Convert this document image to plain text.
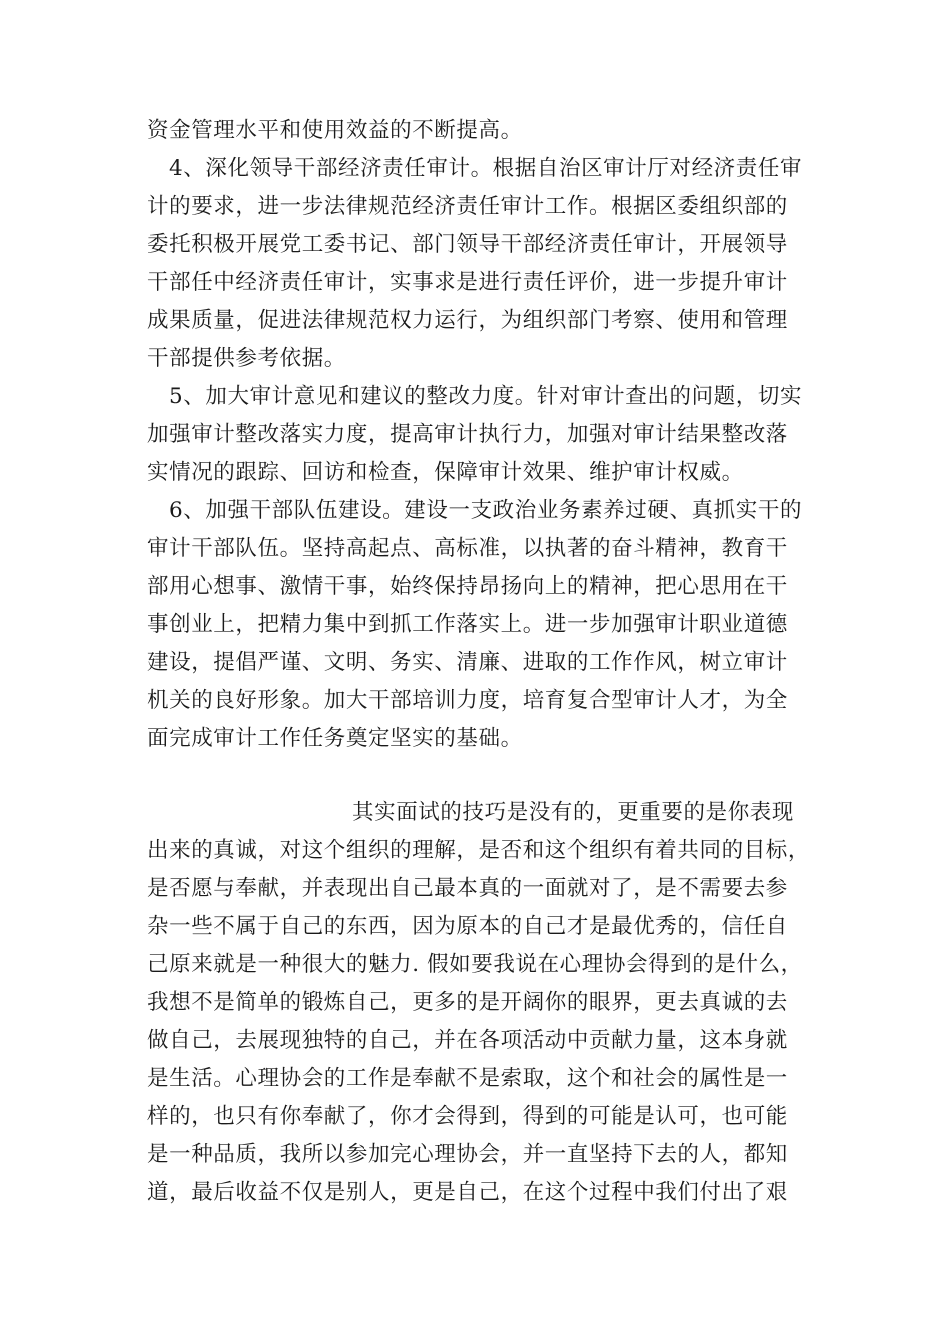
资金管理水平和使用效益的不断提高。
4、深化领导干部经济责任审计。根据自治区审计厅对经济责任审
计的要求，进一步法律规范经济责任审计工作。根据区委组织部的
委托积极开展党工委书记、部门领导干部经济责任审计，开展领导
干部任中经济责任审计，实事求是进行责任评价，进一步提升审计
成果质量，促进法律规范权力运行，为组织部门考察、使用和管理
干部提供参考依据。
5、加大审计意见和建议的整改力度。针对审计查出的问题，切实
加强审计整改落实力度，提高审计执行力，加强对审计结果整改落
实情况的跟踪、回访和检查，保障审计效果、维护审计权威。
6、加强干部队伍建设。建设一支政治业务素养过硬、真抓实干的
审计干部队伍。坚持高起点、高标准，以执著的奋斗精神，教育干
部用心想事、激情干事，始终保持昂扬向上的精神，把心思用在干
事创业上，把精力集中到抓工作落实上。进一步加强审计职业道德
建设，提倡严谨、文明、务实、清廉、进取的工作作风，树立审计
机关的良好形象。加大干部培训力度，培育复合型审计人才，为全
面完成审计工作任务奠定坚实的基础。
其实面试的技巧是没有的，更重要的是你表现
出来的真诚，对这个组织的理解，是否和这个组织有着共同的目标，
是否愿与奉献，并表现出自己最本真的一面就对了，是不需要去参
杂一些不属于自己的东西，因为原本的自己才是最优秀的，信任自
己原来就是一种很大的魅力. 假如要我说在心理协会得到的是什么，
我想不是简单的锻炼自己，更多的是开阔你的眼界，更去真诚的去
做自己，去展现独特的自己，并在各项活动中贡献力量，这本身就
是生活。心理协会的工作是奉献不是索取，这个和社会的属性是一
样的，也只有你奉献了，你才会得到，得到的可能是认可，也可能
是一种品质，我所以参加完心理协会，并一直坚持下去的人，都知
道，最后收益不仅是别人，更是自己，在这个过程中我们付出了艰
